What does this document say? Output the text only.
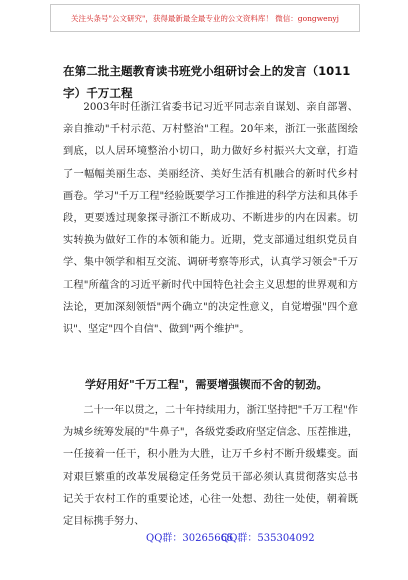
关注头条号"公文研究"，获得最新最全最专业的公文资料库！ 微信：gongwenyj
在第二批主题教育读书班党小组研讨会上的发言（1011字）千万工程

2003年时任浙江省委书记习近平同志亲自谋划、亲自部署、亲自推动"千村示范、万村整治"工程。20年来，浙江一张蓝图绘到底，以人居环境整治小切口，助力做好乡村振兴大文章，打造了一幅幅美丽生态、美丽经济、美好生活有机融合的新时代乡村画卷。学习"千万工程"经验既要学习工作推进的科学方法和具体手段，更要透过现象探寻浙江不断成功、不断进步的内在因素。切实转换为做好工作的本领和能力。近期，党支部通过组织党员自学、集中领学和相互交流、调研考察等形式，认真学习领会"千万工程"所蕴含的习近平新时代中国特色社会主义思想的世界观和方法论，更加深刻领悟"两个确立"的决定性意义，自觉增强"四个意识"、坚定"四个自信"、做到"两个维护"。

学好用好"千万工程"，需要增强锲而不舍的韧劲。

二十一年以贯之，二十年持续用力，浙江坚持把"千万工程"作为城乡统筹发展的"牛鼻子"，各级党委政府坚定信念、压茬推进，一任接着一任干，积小胜为大胜，让万千乡村不断升级蝶变。面对艰巨繁重的改革发展稳定任务党员干部必须认真贯彻落实总书记关于农村工作的重要论述，心往一处想、劲往一处使，朝着既定目标携手努力、

QQ群：30265665
QQ群：535304092
